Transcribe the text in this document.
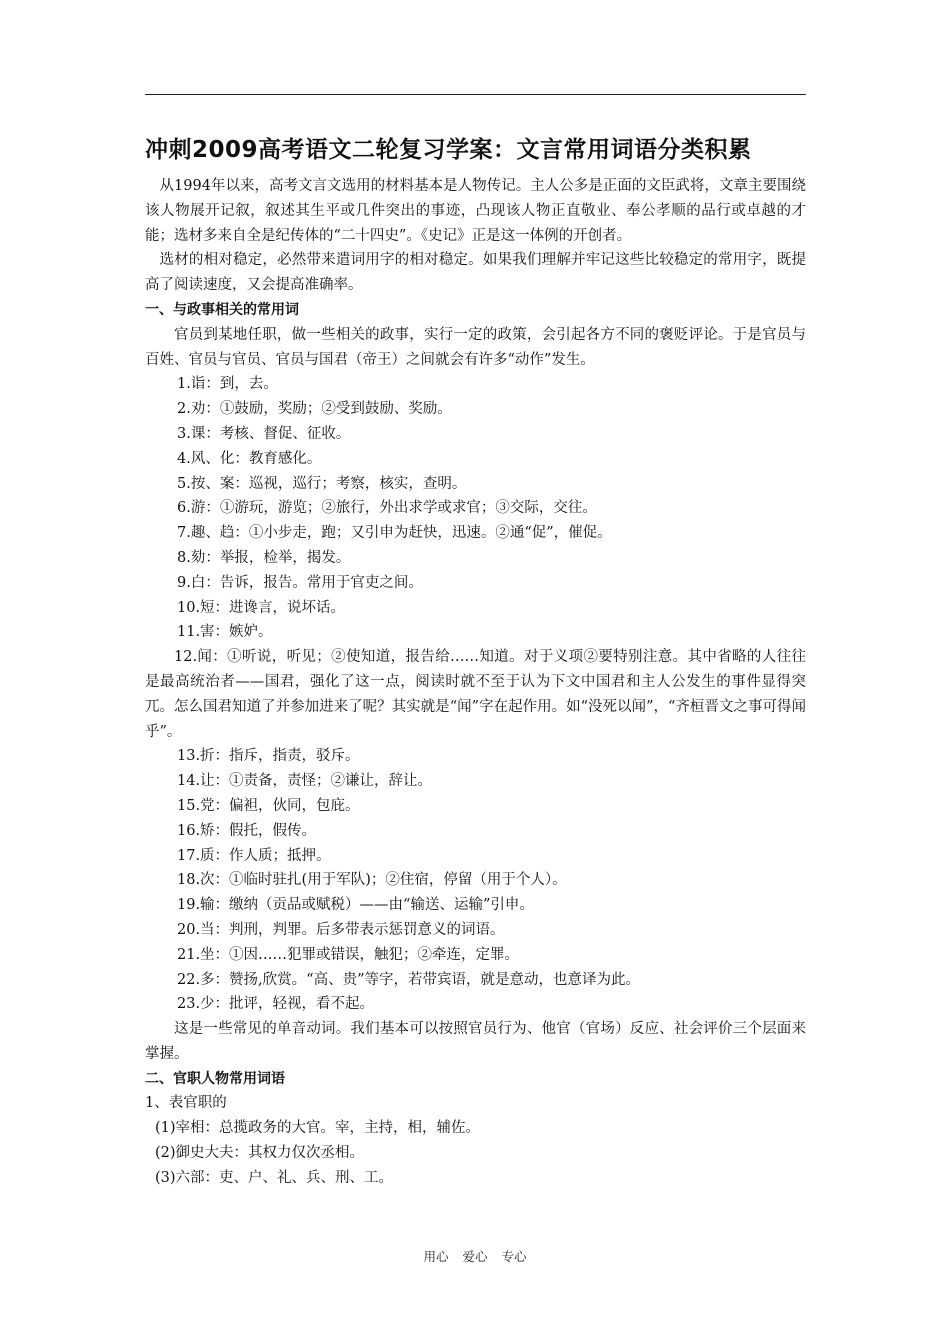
冲刺2009高考语文二轮复习学案：文言常用词语分类积累

从1994年以来，高考文言文选用的材料基本是人物传记。主人公多是正面的文臣武将，文章主要围绕该人物展开记叙，叙述其生平或几件突出的事迹，凸现该人物正直敬业、奉公孝顺的品行或卓越的才能；选材多来自全是纪传体的“二十四史”。《史记》正是这一体例的开创者。

选材的相对稳定，必然带来遣词用字的相对稳定。如果我们理解并牢记这些比较稳定的常用字，既提高了阅读速度，又会提高准确率。

一、与政事相关的常用词

官员到某地任职，做一些相关的政事，实行一定的政策，会引起各方不同的褒贬评论。于是官员与百姓、官员与官员、官员与国君（帝王）之间就会有许多“动作”发生。

1.诣：到，去。

2.劝：①鼓励，奖励；②受到鼓励、奖励。

3.课：考核、督促、征收。

4.风、化：教育感化。

5.按、案：巡视，巡行；考察，核实，查明。

6.游：①游玩，游览；②旅行，外出求学或求官；③交际，交往。

7.趣、趋：①小步走，跑；又引申为赶快，迅速。②通“促”，催促。

8.劾：举报，检举，揭发。

9.白：告诉，报告。常用于官吏之间。

10.短：进谗言，说坏话。

11.害：嫉妒。

12.闻：①听说，听见；②使知道，报告给……知道。对于义项②要特别注意。其中省略的人往往是最高统治者——国君，强化了这一点，阅读时就不至于认为下文中国君和主人公发生的事件显得突兀。怎么国君知道了并参加进来了呢？其实就是“闻”字在起作用。如“没死以闻”，“齐桓晋文之事可得闻乎”。

13.折：指斥，指责，驳斥。

14.让：①责备，责怪；②谦让，辞让。

15.党：偏袒，伙同，包庇。

16.矫：假托，假传。

17.质：作人质；抵押。

18.次：①临时驻扎(用于军队)；②住宿，停留（用于个人）。

19.输：缴纳（贡品或赋税）——由“输送、运输”引申。

20.当：判刑，判罪。后多带表示惩罚意义的词语。

21.坐：①因……犯罪或错误，触犯；②牵连，定罪。

22.多：赞扬,欣赏。“高、贵”等字，若带宾语，就是意动，也意译为此。

23.少：批评，轻视，看不起。

这是一些常见的单音动词。我们基本可以按照官员行为、他官（官场）反应、社会评价三个层面来掌握。

二、官职人物常用词语

1、表官职的

(1)宰相：总揽政务的大官。宰，主持，相，辅佐。

(2)御史大夫：其权力仅次丞相。

(3)六部：吏、户、礼、兵、刑、工。

用心 爱心 专心
